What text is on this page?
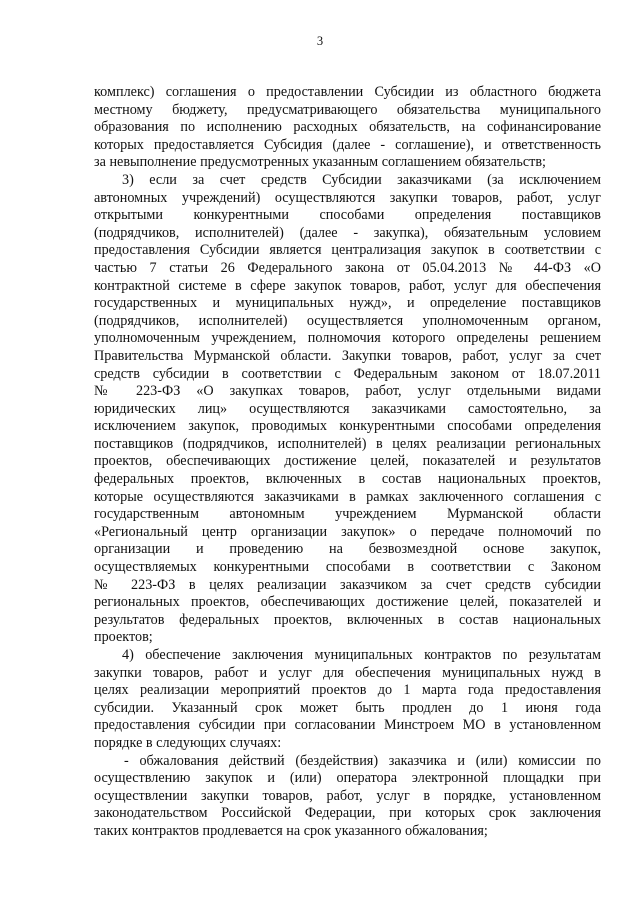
3
комплекс) соглашения о предоставлении Субсидии из областного бюджета
местному бюджету, предусматривающего обязательства муниципального
образования по исполнению расходных обязательств, на софинансирование
которых предоставляется Субсидия (далее - соглашение), и ответственность
за невыполнение предусмотренных указанным соглашением обязательств;
3) если за счет средств Субсидии заказчиками (за исключением
автономных учреждений) осуществляются закупки товаров, работ, услуг
открытыми конкурентными способами определения поставщиков
(подрядчиков, исполнителей) (далее - закупка), обязательным условием
предоставления Субсидии является централизация закупок в соответствии с
частью 7 статьи 26 Федерального закона от 05.04.2013 № 44-ФЗ «О
контрактной системе в сфере закупок товаров, работ, услуг для обеспечения
государственных и муниципальных нужд», и определение поставщиков
(подрядчиков, исполнителей) осуществляется уполномоченным органом,
уполномоченным учреждением, полномочия которого определены решением
Правительства Мурманской области. Закупки товаров, работ, услуг за счет
средств субсидии в соответствии с Федеральным законом от 18.07.2011
№ 223-ФЗ «О закупках товаров, работ, услуг отдельными видами
юридических лиц» осуществляются заказчиками самостоятельно, за
исключением закупок, проводимых конкурентными способами определения
поставщиков (подрядчиков, исполнителей) в целях реализации региональных
проектов, обеспечивающих достижение целей, показателей и результатов
федеральных проектов, включенных в состав национальных проектов,
которые осуществляются заказчиками в рамках заключенного соглашения с
государственным автономным учреждением Мурманской области
«Региональный центр организации закупок» о передаче полномочий по
организации и проведению на безвозмездной основе закупок,
осуществляемых конкурентными способами в соответствии с Законом
№ 223-ФЗ в целях реализации заказчиком за счет средств субсидии
региональных проектов, обеспечивающих достижение целей, показателей и
результатов федеральных проектов, включенных в состав национальных
проектов;
4) обеспечение заключения муниципальных контрактов по результатам
закупки товаров, работ и услуг для обеспечения муниципальных нужд в
целях реализации мероприятий проектов до 1 марта года предоставления
субсидии. Указанный срок может быть продлен до 1 июня года
предоставления субсидии при согласовании Минстроем МО в установленном
порядке в следующих случаях:
- обжалования действий (бездействия) заказчика и (или) комиссии по
осуществлению закупок и (или) оператора электронной площадки при
осуществлении закупки товаров, работ, услуг в порядке, установленном
законодательством Российской Федерации, при которых срок заключения
таких контрактов продлевается на срок указанного обжалования;
